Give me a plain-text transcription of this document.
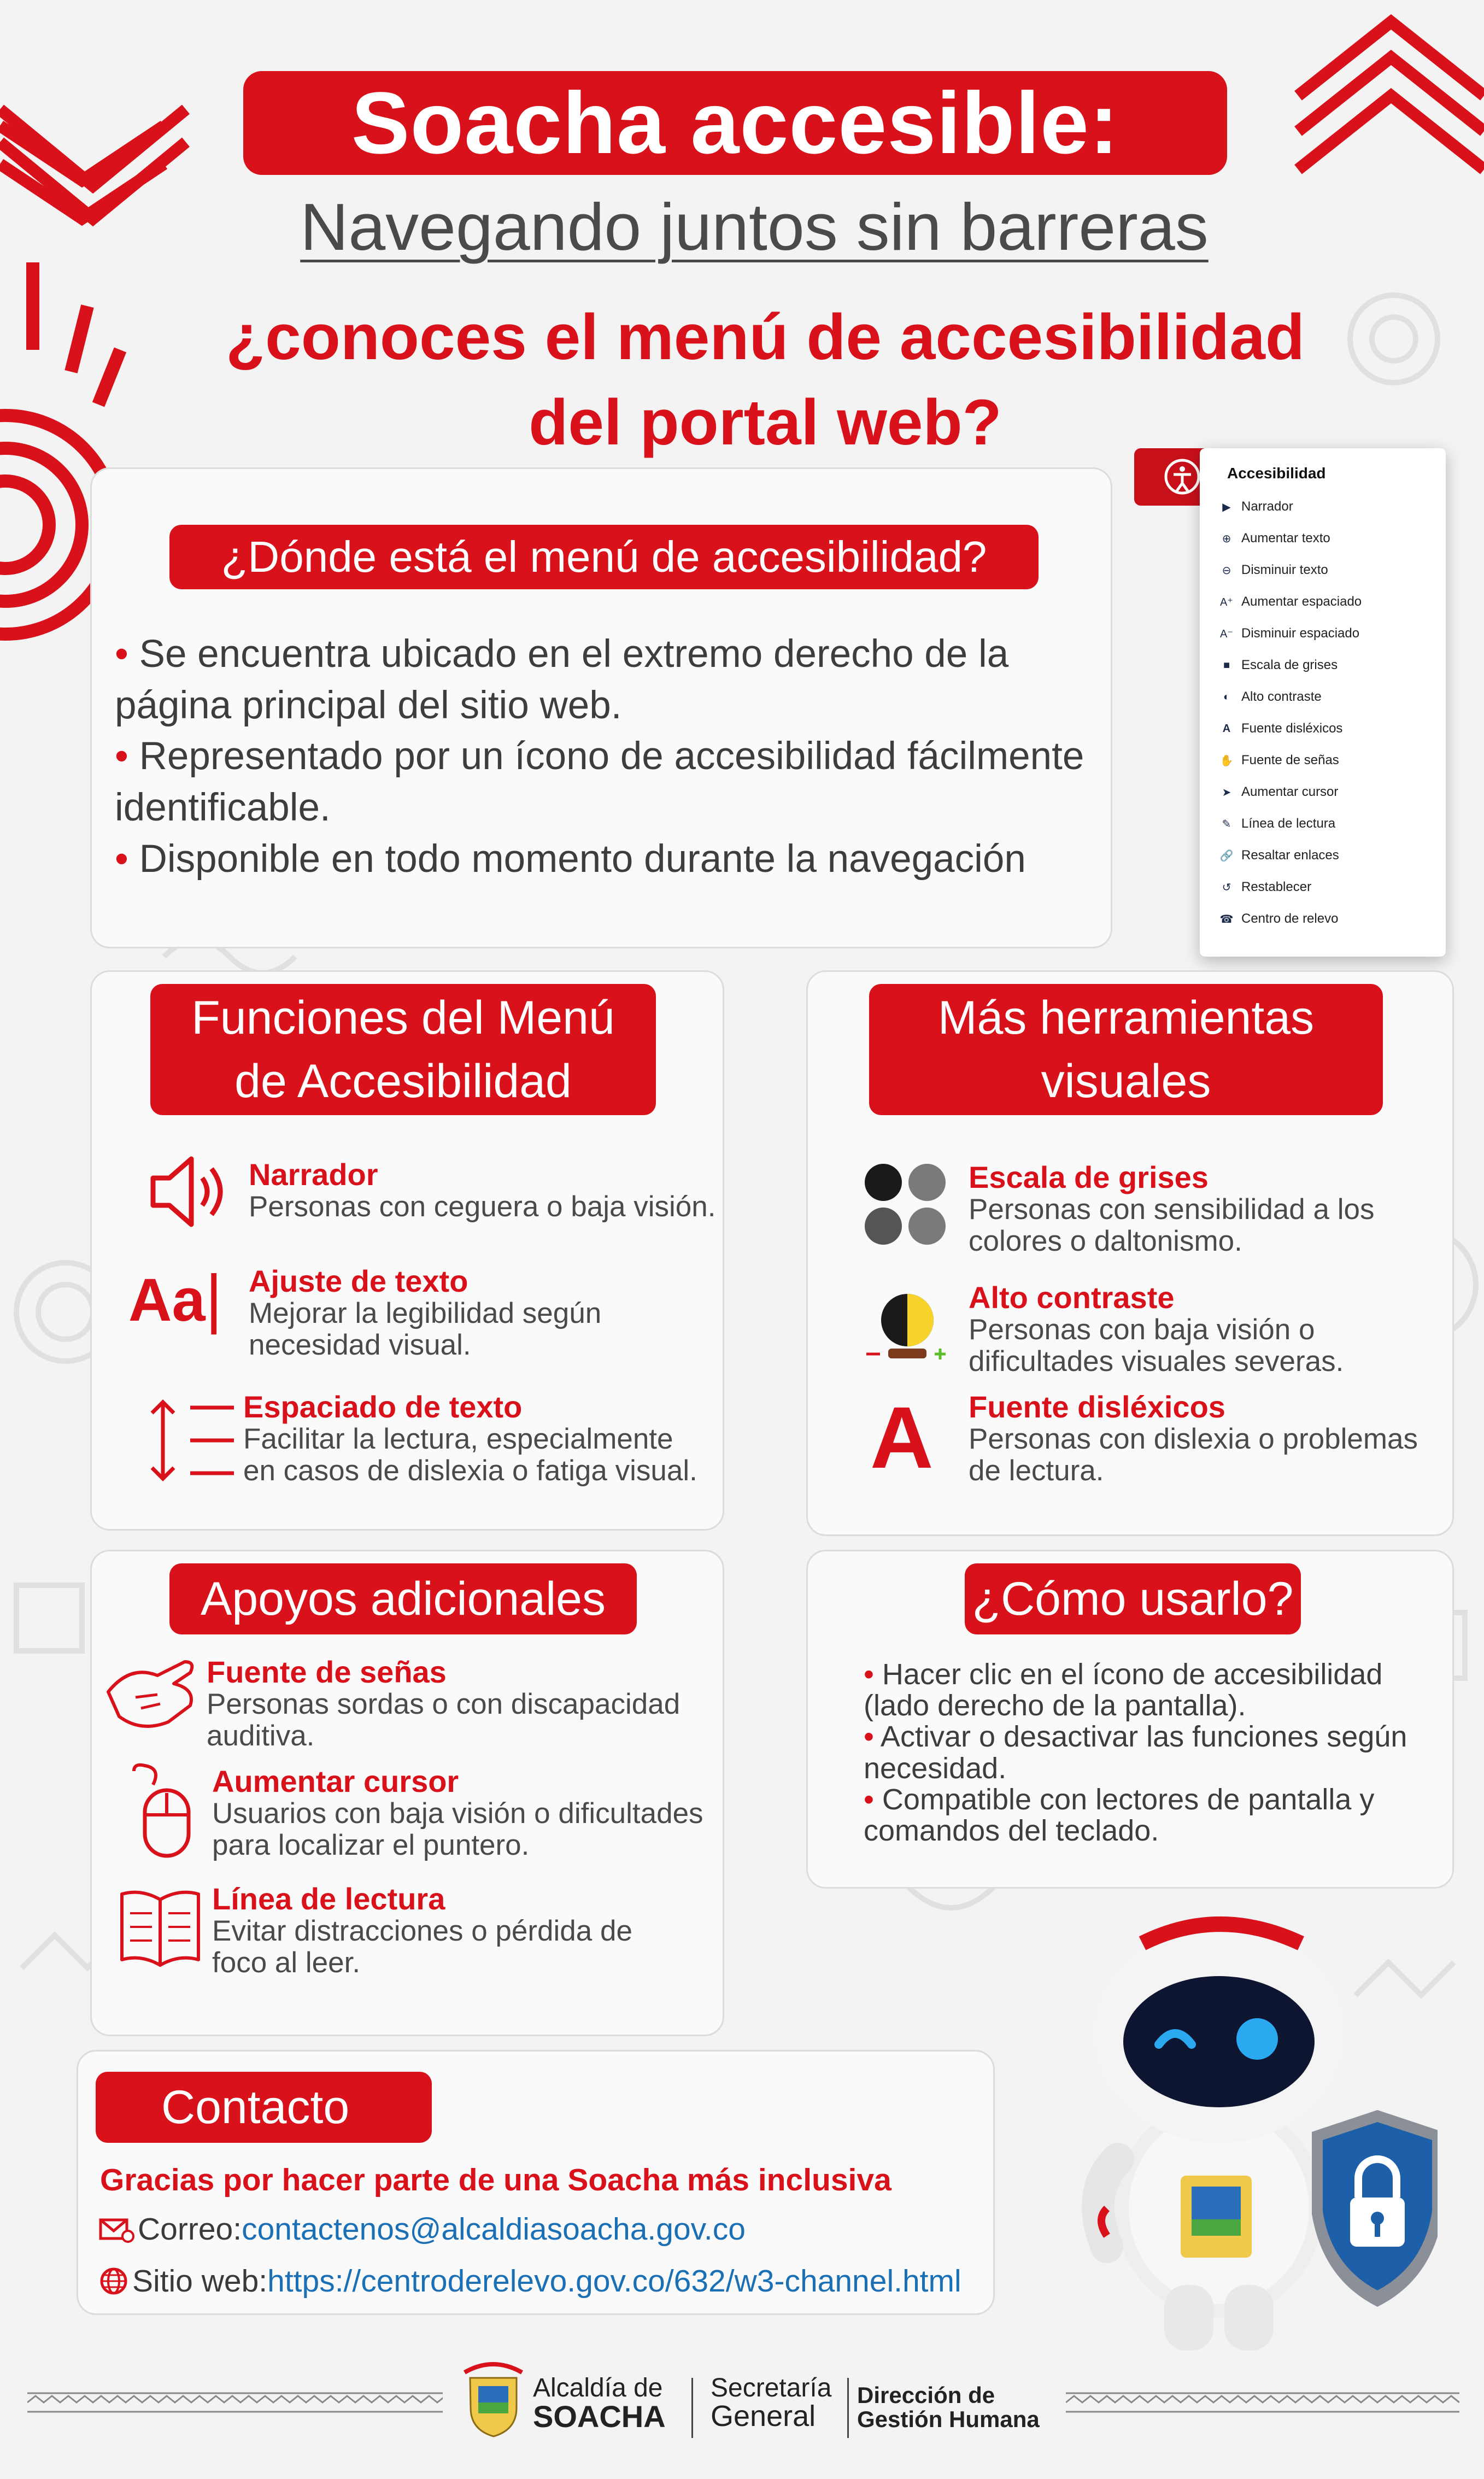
Soacha accesible:
Navegando juntos sin barreras
¿conoces el menú de accesibilidad
del portal web?
¿Dónde está el menú de accesibilidad?
• Se encuentra ubicado en el extremo derecho de la página principal del sitio web.
• Representado por un ícono de accesibilidad fácilmente identificable.
• Disponible en todo momento durante la navegación
Accesibilidad
▶ Narrador
⊕ Aumentar texto
⊖ Disminuir texto
A⁺ Aumentar espaciado
A⁻ Disminuir espaciado
■ Escala de grises
◐ Alto contraste
A Fuente disléxicos
✋ Fuente de señas
➤ Aumentar cursor
✎ Línea de lectura
🔗 Resaltar enlaces
↺ Restablecer
☎ Centro de relevo
Funciones del Menú
de Accesibilidad
Narrador
Personas con ceguera o baja visión.
Aa| Ajuste de texto
Mejorar la legibilidad según
necesidad visual.
Espaciado de texto
Facilitar la lectura, especialmente
en casos de dislexia o fatiga visual.
Más herramientas
visuales
Escala de grises
Personas con sensibilidad a los
colores o daltonismo.
Alto contraste
Personas con baja visión o
dificultades visuales severas.
A Fuente disléxicos
Personas con dislexia o problemas
de lectura.
Apoyos adicionales
Fuente de señas
Personas sordas o con discapacidad
auditiva.
Aumentar cursor
Usuarios con baja visión o dificultades
para localizar el puntero.
Línea de lectura
Evitar distracciones o pérdida de
foco al leer.
¿Cómo usarlo?
• Hacer clic en el ícono de accesibilidad
(lado derecho de la pantalla).
• Activar o desactivar las funciones según
necesidad.
• Compatible con lectores de pantalla y
comandos del teclado.
Contacto
Gracias por hacer parte de una Soacha más inclusiva
Correo: contactenos@alcaldiasoacha.gov.co
Sitio web: https://centroderelevo.gov.co/632/w3-channel.html
Alcaldía de
SOACHA
Secretaría
General
Dirección de
Gestión Humana
